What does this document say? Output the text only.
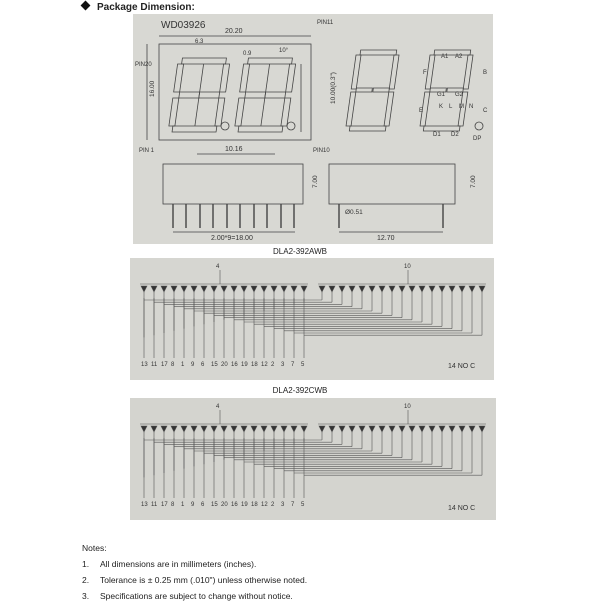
Package Dimension:
WD03926
20.20
6.3
0.9	10°
16.00	10.00(0.3")
10.16
7.00	7.00
Ø0.51
2.00*9=18.00	12.70
PIN11
PIN20
PIN 1	PIN10
A1 A2
F	B
G1 G2
E	C
D1 D2
DP
K L M N
DLA2-392AWB
4	10
14 NO C
13 11 17 8 1 9 6 15 20 16 19 18 12 2 3 7 5
DLA2-392CWB
4	10
14 NO C
13 11 17 8 1 9 6 15 20 16 19 18 12 2 3 7 5
Notes:
1. All dimensions are in millimeters (inches).
2. Tolerance is ± 0.25 mm (.010") unless otherwise noted.
3. Specifications are subject to change without notice.
